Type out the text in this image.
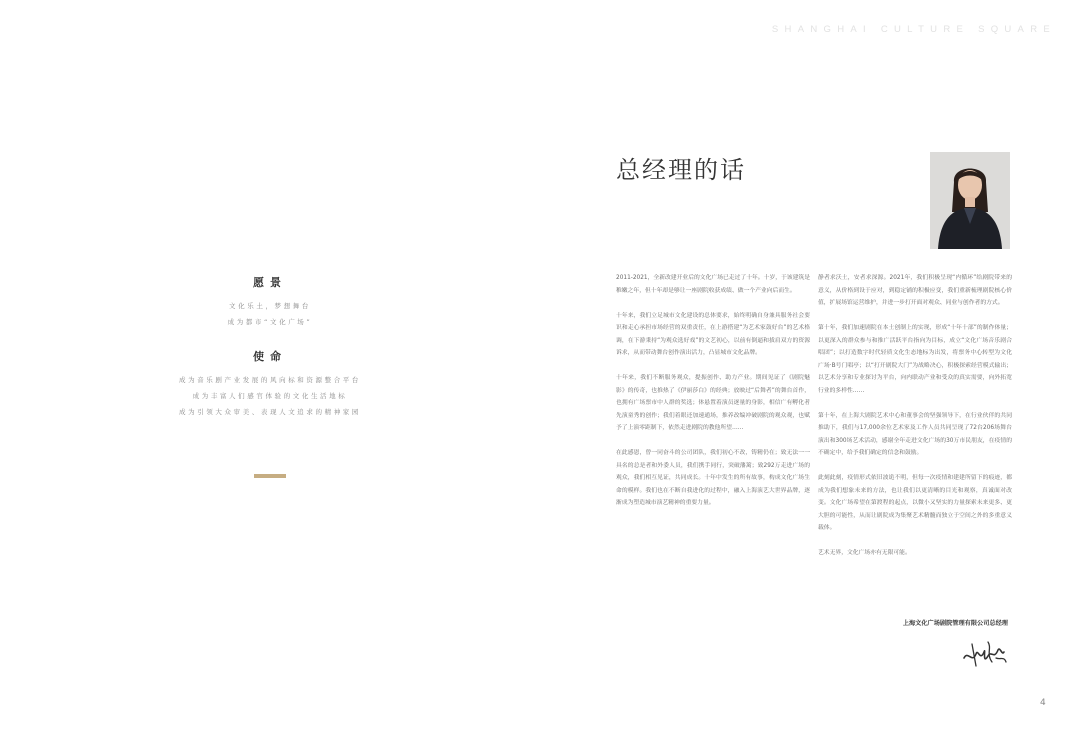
SHANGHAI CULTURE SQUARE
愿景
文化乐土，梦想舞台
成为都市“文化广场”
使命
成为音乐剧产业发展的风向标和资源整合平台
成为丰富人们感官体验的文化生活地标
成为引领大众审美、表现人文追求的精神家园
总经理的话

2011-2021，全新改建开业后的文化广场已走过了十年。十岁，于该建筑是稚嫩之年，但十年却是够让一座剧院收获成绩、做一个产业向后而生。

十年来，我们立足城市文化建设的总体要求，始终明确自身兼具服务社会要识和走心承担市场经营的双重责任，在上游搭建“为艺术家鼓好台”的艺术格调，在下游秉持“为观众选好戏”的文艺初心，以前有倒逼和拔肩双方的资源诉求，从而带动舞台创作演出活力，凸显城市文化品牌。

十年来，我们不断服务观众，提振创作、助力产业。期间见证了《剧院魅影》的传奇，也推热了《伊丽莎白》的经典；放映过“后舞者”的舞台首作，也拥有广场票市中人群的奖选；体悬置着演员逐量的身影，相信广有孵化者先演童秀的创作；我们着眼还加速通场，推养改编冲破剧院的观众观，也赋予了上演零距制下，依然走进剧院的教他所望……

在此感恩，曾一同奋斗的公司团队，我们初心不改，铸精仍在；致无法一一具名的总是者和外委人员，我们携手同行，突破藩篱；致292万走进广场的观众，我们相互见证，共同成长。十年中发生的所有故事，构成文化广场生命的模样。我们也在不断自我进化的过程中，融入上海演艺大世界品牌，逐渐成为塑造城市演艺精神的重要力量。

静者求沃土，安者求深源。2021年，我们积极呈现“内循环”给剧院带来的意义，从价格到设于应对，到稳定铺的积极应变，我们重新梳理剧院核心价值，扩展场馆运营维护，并进一步打开面对观众、同业与创作者的方式。

第十年，我们加速剧院在本土创制上的实现，形成“十年十部”的制作体量；以更深入的群众参与和推广活跃平台指向为目标，成立“文化广场音乐剧合唱团”；以打造数字时代轻质文化生态地标为出发，将票务中心转型为文化广场·B号门唱亭；以“打开剧院大门”为战略决心，积极探索经营模式输出；以艺术分享和专业探讨为平台，向内联动产业和受众的真实需要，向外拓宽行业的多样性……

第十年，在上海大剧院艺术中心和董事会的坚强领导下，在行业伙伴的共同推助下，我们与17,000余位艺术家及工作人员共同呈现了72台206场舞台演出和300场艺术活动，感谢全年走进文化广场的30万市民朋友，在疫情的不确定中，给予我们确定的信念和鼓励。

此刻此刻，疫情形式依旧波诡不明，但每一次疫情和建建所留下的痕迹，都成为我们想象未来的方法，也让我们以更清晰的目光和观察，真诚面对改变。文化广场希望在第渡程的起点，以微小又坚实的力量探索未来更多、更大胆的可能性，从而让剧院成为集聚艺术精髓而独立于空间之外的多重意义载体。

艺术无界，文化广场亦有无限可能。

上海文化广场剧院管理有限公司总经理
4
